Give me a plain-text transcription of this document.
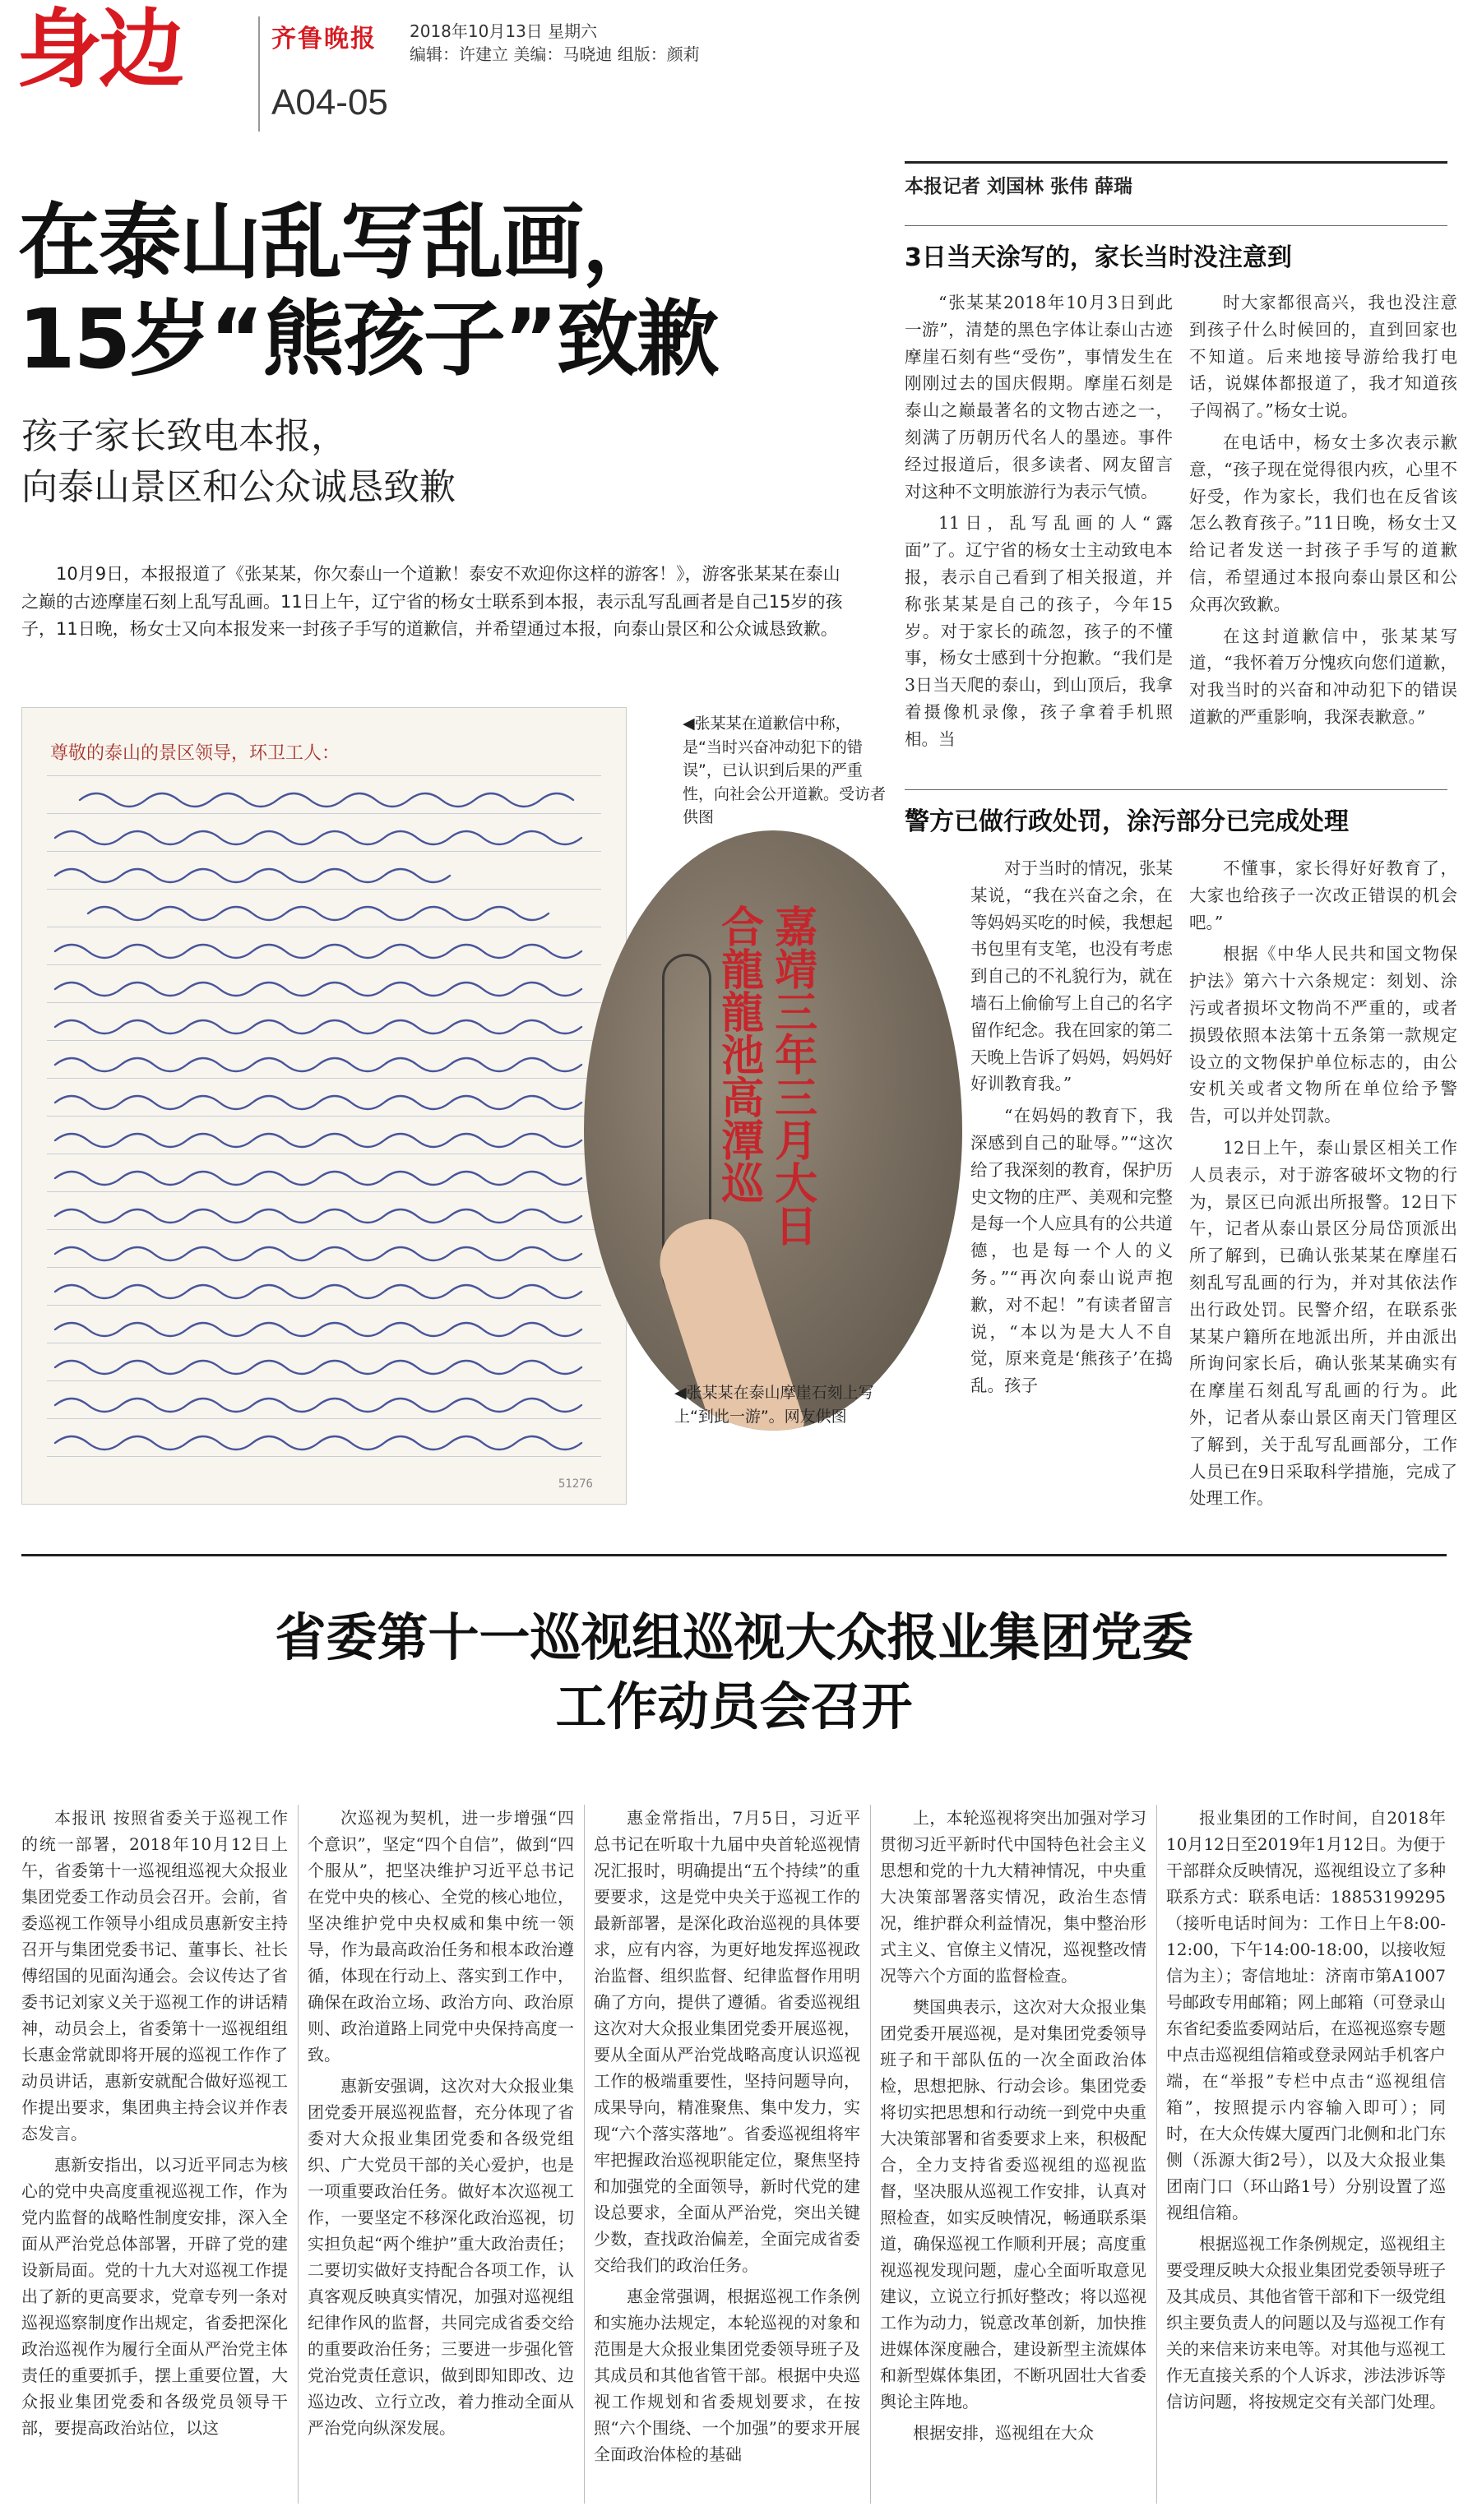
身边	齐鲁晚报 2018年10月13日 星期六
编辑：许建立 美编：马晓迪 组版：颜莉
A04-05
在泰山乱写乱画，
15岁“熊孩子”致歉
孩子家长致电本报，
向泰山景区和公众诚恳致歉
10月9日，本报报道了《张某某，你欠泰山一个道歉！泰安不欢迎你这样的游客！》，游客张某某在泰山之巅的古迹摩崖石刻上乱写乱画。11日上午，辽宁省的杨女士联系到本报，表示乱写乱画者是自己15岁的孩子，11日晚，杨女士又向本报发来一封孩子手写的道歉信，并希望通过本报，向泰山景区和公众诚恳致歉。
本报记者 刘国林 张伟 薛瑞
3日当天涂写的，家长当时没注意到

“张某某2018年10月3日到此一游”，清楚的黑色字体让泰山古迹摩崖石刻有些“受伤”，事情发生在刚刚过去的国庆假期。摩崖石刻是泰山之巅最著名的文物古迹之一，刻满了历朝历代名人的墨迹。事件经过报道后，很多读者、网友留言对这种不文明旅游行为表示气愤。

11日，乱写乱画的人“露面”了。辽宁省的杨女士主动致电本报，表示自己看到了相关报道，并称张某某是自己的孩子，今年15岁。对于家长的疏忽，孩子的不懂事，杨女士感到十分抱歉。“我们是3日当天爬的泰山，到山顶后，我拿着摄像机录像，孩子拿着手机照相。当

时大家都很高兴，我也没注意到孩子什么时候回的，直到回家也不知道。后来地接导游给我打电话，说媒体都报道了，我才知道孩子闯祸了。”杨女士说。

在电话中，杨女士多次表示歉意，“孩子现在觉得很内疚，心里不好受，作为家长，我们也在反省该怎么教育孩子。”11日晚，杨女士又给记者发送一封孩子手写的道歉信，希望通过本报向泰山景区和公众再次致歉。

在这封道歉信中，张某某写道，“我怀着万分愧疚向您们道歉，对我当时的兴奋和冲动犯下的错误道歉的严重影响，我深表歉意。”

警方已做行政处罚，涂污部分已完成处理

对于当时的情况，张某某说，“我在兴奋之余，在等妈妈买吃的时候，我想起书包里有支笔，也没有考虑到自己的不礼貌行为，就在墙石上偷偷写上自己的名字留作纪念。我在回家的第二天晚上告诉了妈妈，妈妈好好训教育我。”

“在妈妈的教育下，我深感到自己的耻辱。”“这次给了我深刻的教育，保护历史文物的庄严、美观和完整是每一个人应具有的公共道德，也是每一个人的义务。”“再次向泰山说声抱歉，对不起！”有读者留言说，“本以为是大人不自觉，原来竟是‘熊孩子’在捣乱。孩子

不懂事，家长得好好教育了，大家也给孩子一次改正错误的机会吧。”

根据《中华人民共和国文物保护法》第六十六条规定：刻划、涂污或者损坏文物尚不严重的，或者损毁依照本法第十五条第一款规定设立的文物保护单位标志的，由公安机关或者文物所在单位给予警告，可以并处罚款。

12日上午，泰山景区相关工作人员表示，对于游客破坏文物的行为，景区已向派出所报警。12日下午，记者从泰山景区分局岱顶派出所了解到，已确认张某某在摩崖石刻乱写乱画的行为，并对其依法作出行政处罚。民警介绍，在联系张某某户籍所在地派出所，并由派出所询问家长后，确认张某某确实有在摩崖石刻乱写乱画的行为。此外，记者从泰山景区南天门管理区了解到，关于乱写乱画部分，工作人员已在9日采取科学措施，完成了处理工作。

尊敬的泰山的景区领导，环卫工人：
51276
嘉靖三年三月大日
合龍龍池高潭巡
◀张某某在道歉信中称，是“当时兴奋冲动犯下的错误”，已认识到后果的严重性，向社会公开道歉。受访者供图
◀张某某在泰山摩崖石刻上写上“到此一游”。网友供图
省委第十一巡视组巡视大众报业集团党委
工作动员会召开

本报讯 按照省委关于巡视工作的统一部署，2018年10月12日上午，省委第十一巡视组巡视大众报业集团党委工作动员会召开。会前，省委巡视工作领导小组成员惠新安主持召开与集团党委书记、董事长、社长傅绍国的见面沟通会。会议传达了省委书记刘家义关于巡视工作的讲话精神，动员会上，省委第十一巡视组组长惠金常就即将开展的巡视工作作了动员讲话，惠新安就配合做好巡视工作提出要求，集团典主持会议并作表态发言。

惠新安指出，以习近平同志为核心的党中央高度重视巡视工作，作为党内监督的战略性制度安排，深入全面从严治党总体部署，开辟了党的建设新局面。党的十九大对巡视工作提出了新的更高要求，党章专列一条对巡视巡察制度作出规定，省委把深化政治巡视作为履行全面从严治党主体责任的重要抓手，摆上重要位置，大众报业集团党委和各级党员领导干部，要提高政治站位，以这

次巡视为契机，进一步增强“四个意识”，坚定“四个自信”，做到“四个服从”，把坚决维护习近平总书记在党中央的核心、全党的核心地位，坚决维护党中央权威和集中统一领导，作为最高政治任务和根本政治遵循，体现在行动上、落实到工作中，确保在政治立场、政治方向、政治原则、政治道路上同党中央保持高度一致。

惠新安强调，这次对大众报业集团党委开展巡视监督，充分体现了省委对大众报业集团党委和各级党组织、广大党员干部的关心爱护，也是一项重要政治任务。做好本次巡视工作，一要坚定不移深化政治巡视，切实担负起“两个维护”重大政治责任；二要切实做好支持配合各项工作，认真客观反映真实情况，加强对巡视组纪律作风的监督，共同完成省委交给的重要政治任务；三要进一步强化管党治党责任意识，做到即知即改、边巡边改、立行立改，着力推动全面从严治党向纵深发展。

惠金常指出，7月5日，习近平总书记在听取十九届中央首轮巡视情况汇报时，明确提出“五个持续”的重要要求，这是党中央关于巡视工作的最新部署，是深化政治巡视的具体要求，应有内容，为更好地发挥巡视政治监督、组织监督、纪律监督作用明确了方向，提供了遵循。省委巡视组这次对大众报业集团党委开展巡视，要从全面从严治党战略高度认识巡视工作的极端重要性，坚持问题导向，成果导向，精准聚焦、集中发力，实现“六个落实落地”。省委巡视组将牢牢把握政治巡视职能定位，聚焦坚持和加强党的全面领导，新时代党的建设总要求，全面从严治党，突出关键少数，查找政治偏差，全面完成省委交给我们的政治任务。

惠金常强调，根据巡视工作条例和实施办法规定，本轮巡视的对象和范围是大众报业集团党委领导班子及其成员和其他省管干部。根据中央巡视工作规划和省委规划要求，在按照“六个围绕、一个加强”的要求开展全面政治体检的基础

上，本轮巡视将突出加强对学习贯彻习近平新时代中国特色社会主义思想和党的十九大精神情况，中央重大决策部署落实情况，政治生态情况，维护群众利益情况，集中整治形式主义、官僚主义情况，巡视整改情况等六个方面的监督检查。

樊国典表示，这次对大众报业集团党委开展巡视，是对集团党委领导班子和干部队伍的一次全面政治体检，思想把脉、行动会诊。集团党委将切实把思想和行动统一到党中央重大决策部署和省委要求上来，积极配合，全力支持省委巡视组的巡视监督，坚决服从巡视工作安排，认真对照检查，如实反映情况，畅通联系渠道，确保巡视工作顺利开展；高度重视巡视发现问题，虚心全面听取意见建议，立说立行抓好整改；将以巡视工作为动力，锐意改革创新，加快推进媒体深度融合，建设新型主流媒体和新型媒体集团，不断巩固壮大省委舆论主阵地。

根据安排，巡视组在大众

报业集团的工作时间，自2018年10月12日至2019年1月12日。为便于干部群众反映情况，巡视组设立了多种联系方式：联系电话：18853199295（接听电话时间为：工作日上午8:00-12:00，下午14:00-18:00，以接收短信为主）；寄信地址：济南市第A1007号邮政专用邮箱；网上邮箱（可登录山东省纪委监委网站后，在巡视巡察专题中点击巡视组信箱或登录网站手机客户端，在“举报”专栏中点击“巡视组信箱”，按照提示内容输入即可）；同时，在大众传媒大厦西门北侧和北门东侧（泺源大街2号），以及大众报业集团南门口（环山路1号）分别设置了巡视组信箱。

根据巡视工作条例规定，巡视组主要受理反映大众报业集团党委领导班子及其成员、其他省管干部和下一级党组织主要负责人的问题以及与巡视工作有关的来信来访来电等。对其他与巡视工作无直接关系的个人诉求，涉法涉诉等信访问题，将按规定交有关部门处理。
